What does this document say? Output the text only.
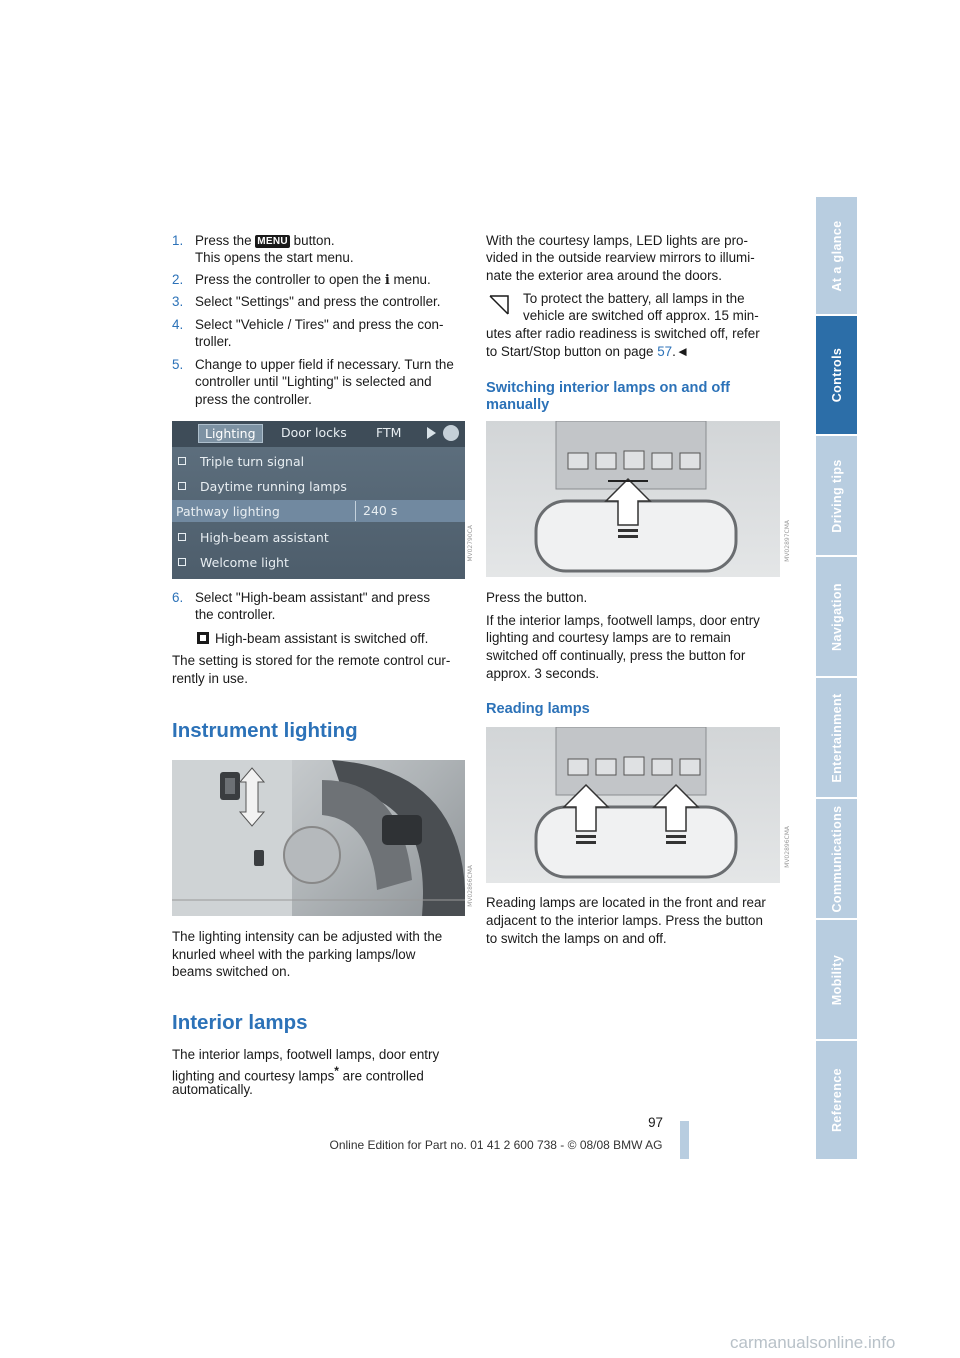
1. Press the MENU button.
This opens the start menu.
2. Press the controller to open the i menu.
3. Select "Settings" and press the controller.
4. Select "Vehicle / Tires" and press the con-
troller.
5. Change to upper field if necessary. Turn the
controller until "Lighting" is selected and
press the controller.
6. Select "High-beam assistant" and press
the controller.
High-beam assistant is switched off.
The setting is stored for the remote control cur-
rently in use.
Instrument lighting
The lighting intensity can be adjusted with the
knurled wheel with the parking lamps/low
beams switched on.
Interior lamps
The interior lamps, footwell lamps, door entry
lighting and courtesy lamps* are controlled
automatically.
Lighting	Door locks FTM
Triple turn signal
Daytime running lamps
Pathway lighting	240 s
High-beam assistant
Welcome light
MV02790CA
MV02866CMA
With the courtesy lamps, LED lights are pro-
vided in the outside rearview mirrors to illumi-
nate the exterior area around the doors.
To protect the battery, all lamps in the
vehicle are switched off approx. 15 min-
utes after radio readiness is switched off, refer
to Start/Stop button on page 57.◄
Switching interior lamps on and off
manually
Press the button.
If the interior lamps, footwell lamps, door entry
lighting and courtesy lamps are to remain
switched off continually, press the button for
approx. 3 seconds.
Reading lamps
Reading lamps are located in the front and rear
adjacent to the interior lamps. Press the button
to switch the lamps on and off.
MV02897CMA
MV02896CMA
At a glance
Controls
Driving tips
Navigation
Entertainment
Communications
Mobility
Reference
97
Online Edition for Part no. 01 41 2 600 738 - © 08/08 BMW AG
carmanualsonline.info
